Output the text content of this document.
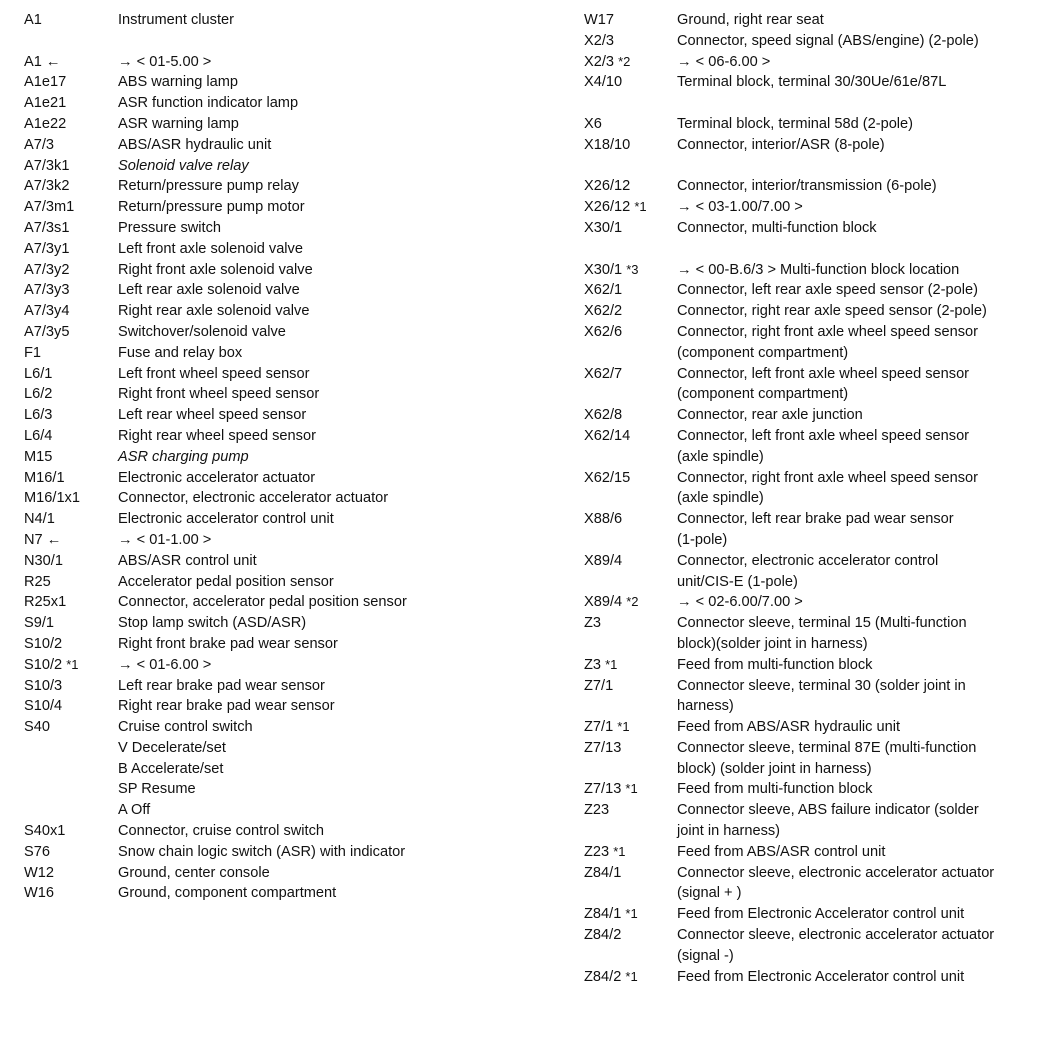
A1	Instrument cluster
A1 ←	→ < 01-5.00 >
A1e17	ABS warning lamp
A1e21	ASR function indicator lamp
A1e22	ASR warning lamp
A7/3	ABS/ASR hydraulic unit
A7/3k1	Solenoid valve relay
A7/3k2	Return/pressure pump relay
A7/3m1	Return/pressure pump motor
A7/3s1	Pressure switch
A7/3y1	Left front axle solenoid valve
A7/3y2	Right front axle solenoid valve
A7/3y3	Left rear axle solenoid valve
A7/3y4	Right rear axle solenoid valve
A7/3y5	Switchover/solenoid valve
F1	Fuse and relay box
L6/1	Left front wheel speed sensor
L6/2	Right front wheel speed sensor
L6/3	Left rear wheel speed sensor
L6/4	Right rear wheel speed sensor
M15	ASR charging pump
M16/1	Electronic accelerator actuator
M16/1x1	Connector, electronic accelerator actuator
N4/1	Electronic accelerator control unit
N7 ←	→ < 01-1.00 >
N30/1	ABS/ASR control unit
R25	Accelerator pedal position sensor
R25x1	Connector, accelerator pedal position sensor
S9/1	Stop lamp switch (ASD/ASR)
S10/2	Right front brake pad wear sensor
S10/2 *1	→ < 01-6.00 >
S10/3	Left rear brake pad wear sensor
S10/4	Right rear brake pad wear sensor
S40	Cruise control switch
V Decelerate/set
B Accelerate/set
SP Resume
A Off
S40x1	Connector, cruise control switch
S76	Snow chain logic switch (ASR) with indicator
W12	Ground, center console
W16	Ground, component compartment
W17	Ground, right rear seat
X2/3	Connector, speed signal (ABS/engine) (2-pole)
X2/3 *2	→ < 06-6.00 >
X4/10	Terminal block, terminal 30/30Ue/61e/87L
X6	Terminal block, terminal 58d (2-pole)
X18/10	Connector, interior/ASR (8-pole)
X26/12	Connector, interior/transmission (6-pole)
X26/12 *1	→ < 03-1.00/7.00 >
X30/1	Connector, multi-function block
X30/1 *3	→ < 00-B.6/3 > Multi-function block location
X62/1	Connector, left rear axle speed sensor (2-pole)
X62/2	Connector, right rear axle speed sensor (2-pole)
X62/6	Connector, right front axle wheel speed sensor
(component compartment)
X62/7	Connector, left front axle wheel speed sensor
(component compartment)
X62/8	Connector, rear axle junction
X62/14	Connector, left front axle wheel speed sensor
(axle spindle)
X62/15	Connector, right front axle wheel speed sensor
(axle spindle)
X88/6	Connector, left rear brake pad wear sensor
(1-pole)
X89/4	Connector, electronic accelerator control
unit/CIS-E (1-pole)
X89/4 *2	→ < 02-6.00/7.00 >
Z3	Connector sleeve, terminal 15 (Multi-function
block)(solder joint in harness)
Z3 *1	Feed from multi-function block
Z7/1	Connector sleeve, terminal 30 (solder joint in
harness)
Z7/1 *1	Feed from ABS/ASR hydraulic unit
Z7/13	Connector sleeve, terminal 87E (multi-function
block) (solder joint in harness)
Z7/13 *1	Feed from multi-function block
Z23	Connector sleeve, ABS failure indicator (solder
joint in harness)
Z23 *1	Feed from ABS/ASR control unit
Z84/1	Connector sleeve, electronic accelerator actuator
(signal + )
Z84/1 *1	Feed from Electronic Accelerator control unit
Z84/2	Connector sleeve, electronic accelerator actuator
(signal -)
Z84/2 *1	Feed from Electronic Accelerator control unit
